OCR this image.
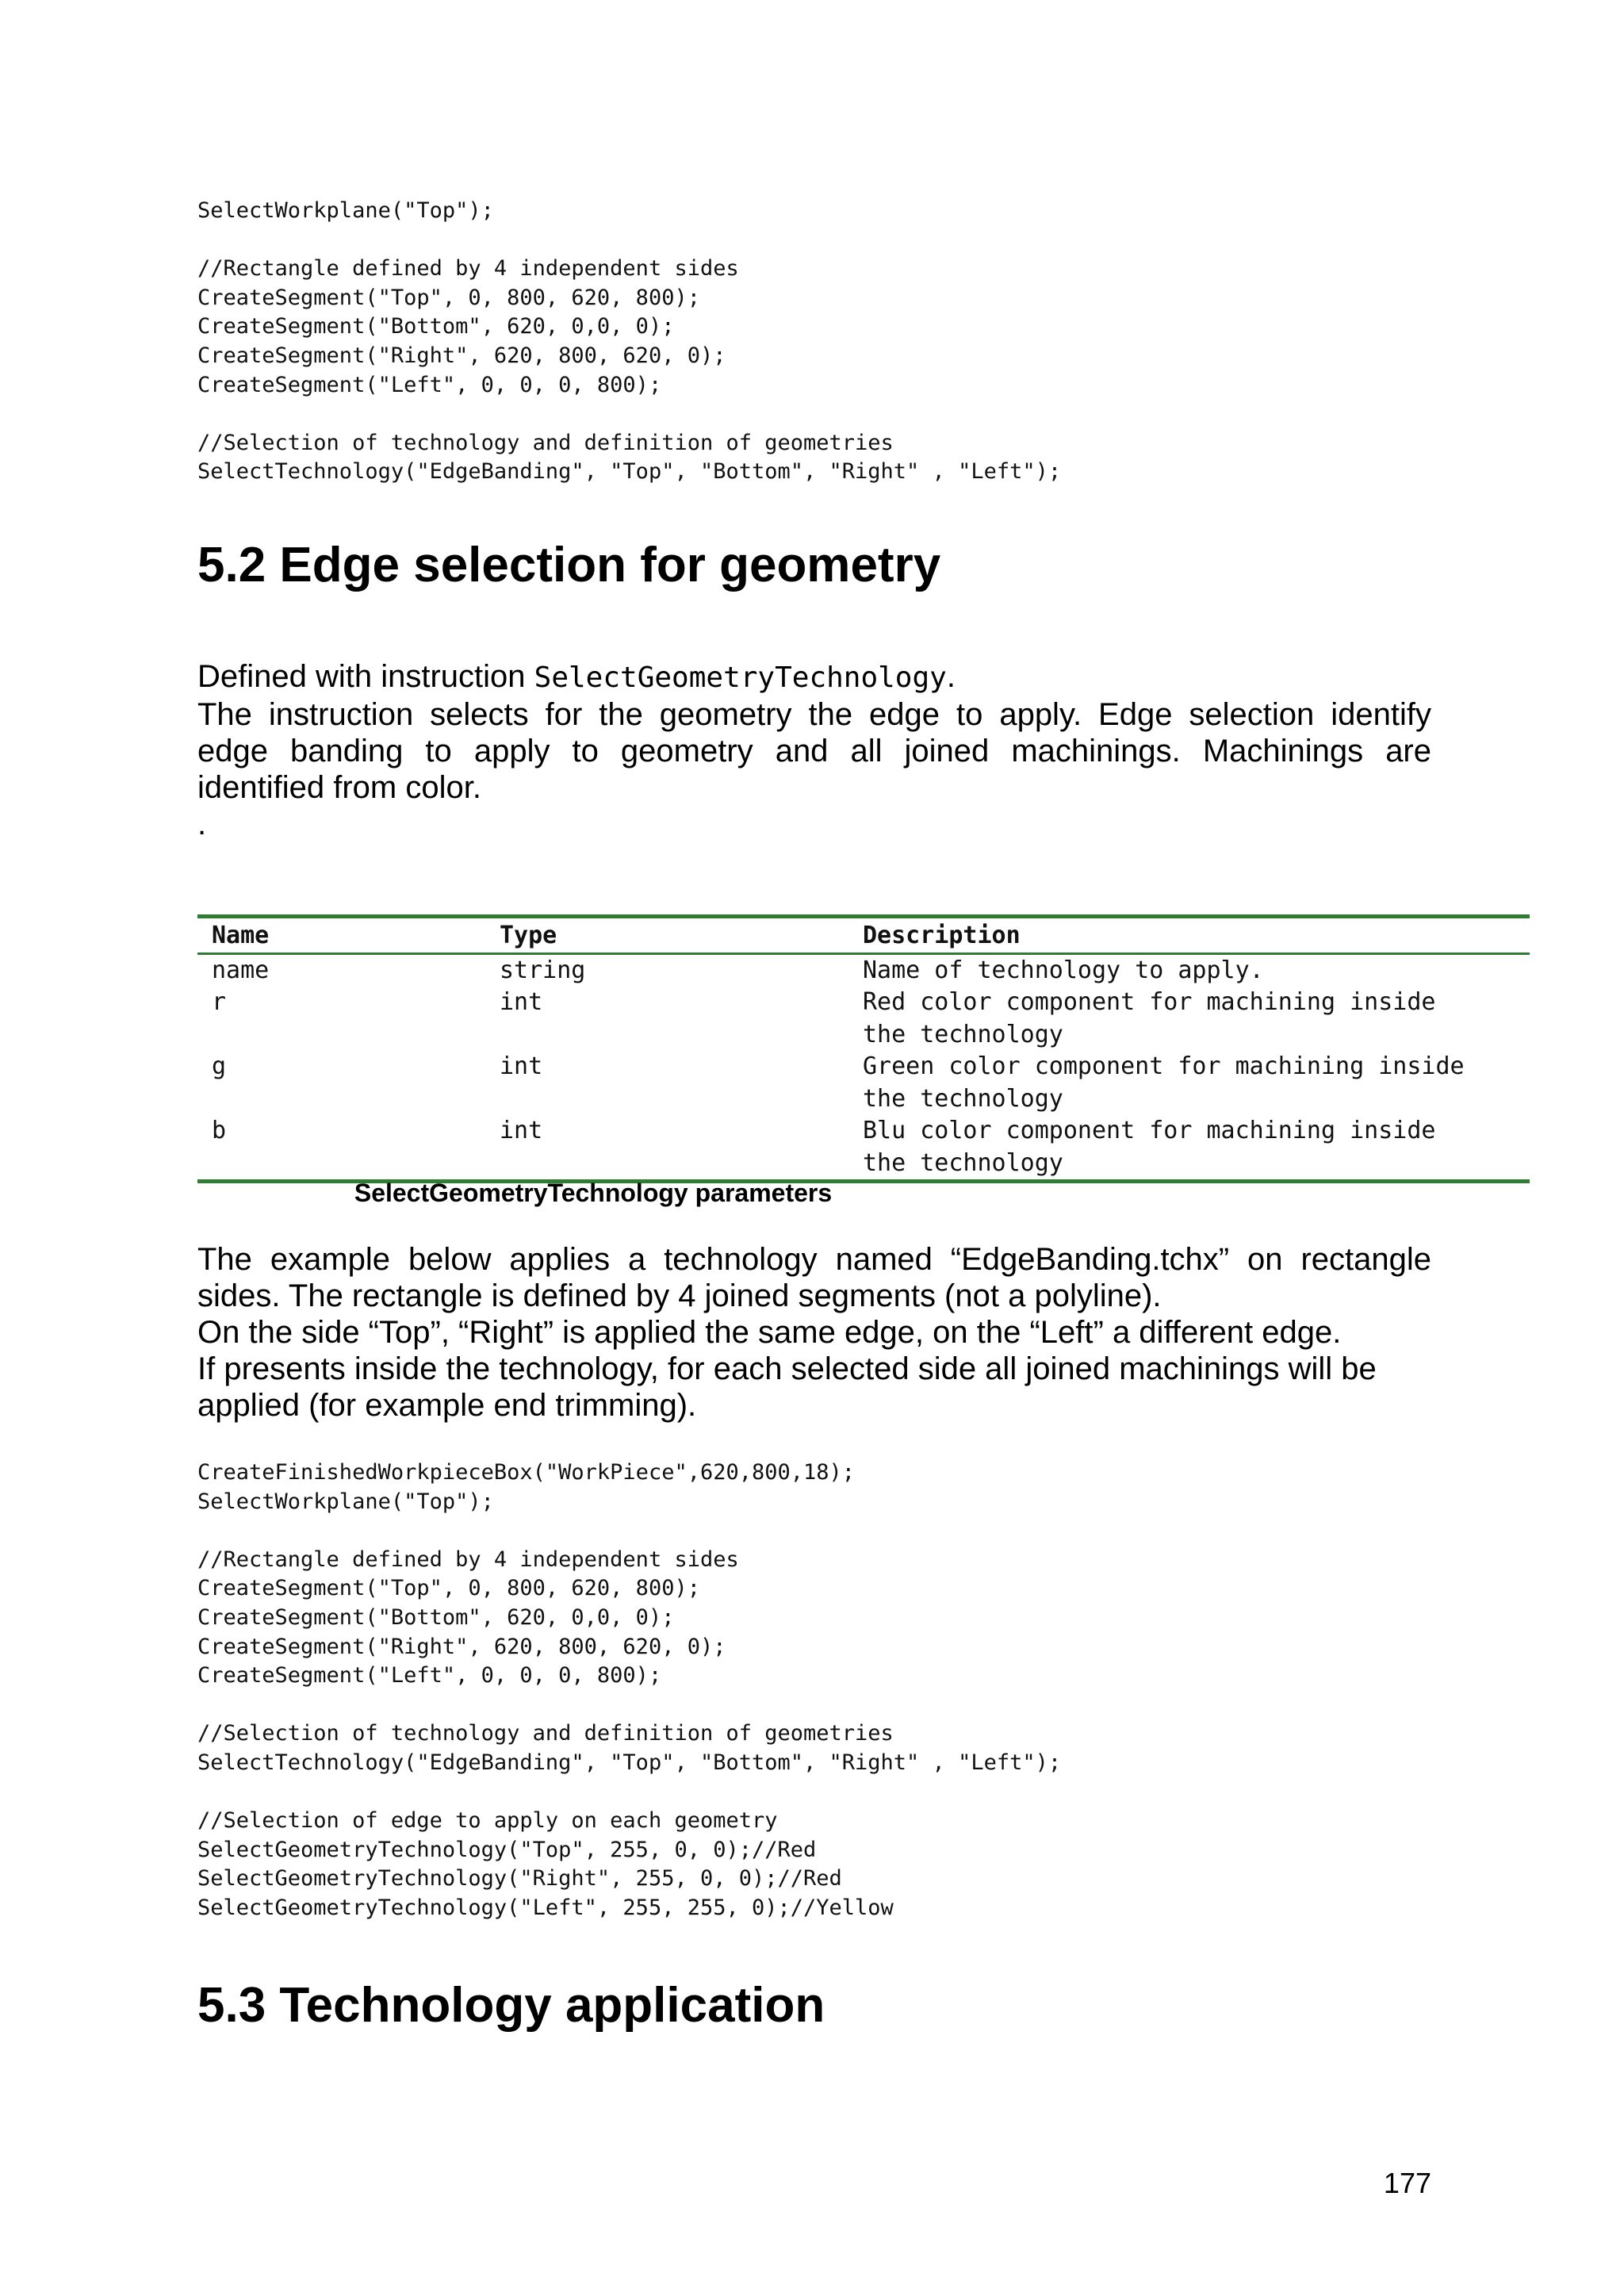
SelectWorkplane("Top");

//Rectangle defined by 4 independent sides
CreateSegment("Top", 0, 800, 620, 800);
CreateSegment("Bottom", 620, 0,0, 0);
CreateSegment("Right", 620, 800, 620, 0);
CreateSegment("Left", 0, 0, 0, 800);

//Selection of technology and definition of geometries
SelectTechnology("EdgeBanding", "Top", "Bottom", "Right" , "Left");
5.2 Edge selection for geometry
Defined with instruction SelectGeometryTechnology.
The instruction selects for the geometry the edge to apply. Edge selection identify
edge banding to apply to geometry and all joined machinings. Machinings are
identified from color.
.
Name	Type	Description
name	string	Name of technology to apply.
r	int	Red color component for machining inside
the technology
g	int	Green color component for machining inside
the technology
b	int	Blu color component for machining inside
the technology
SelectGeometryTechnology parameters
The example below applies a technology named “EdgeBanding.tchx” on rectangle
sides. The rectangle is defined by 4 joined segments (not a polyline).
On the side “Top”, “Right” is applied the same edge, on the “Left” a different edge.
If presents inside the technology, for each selected side all joined machinings will be
applied (for example end trimming).
CreateFinishedWorkpieceBox("WorkPiece",620,800,18);
SelectWorkplane("Top");

//Rectangle defined by 4 independent sides
CreateSegment("Top", 0, 800, 620, 800);
CreateSegment("Bottom", 620, 0,0, 0);
CreateSegment("Right", 620, 800, 620, 0);
CreateSegment("Left", 0, 0, 0, 800);

//Selection of technology and definition of geometries
SelectTechnology("EdgeBanding", "Top", "Bottom", "Right" , "Left");

//Selection of edge to apply on each geometry
SelectGeometryTechnology("Top", 255, 0, 0);//Red
SelectGeometryTechnology("Right", 255, 0, 0);//Red
SelectGeometryTechnology("Left", 255, 255, 0);//Yellow
5.3 Technology application
177
